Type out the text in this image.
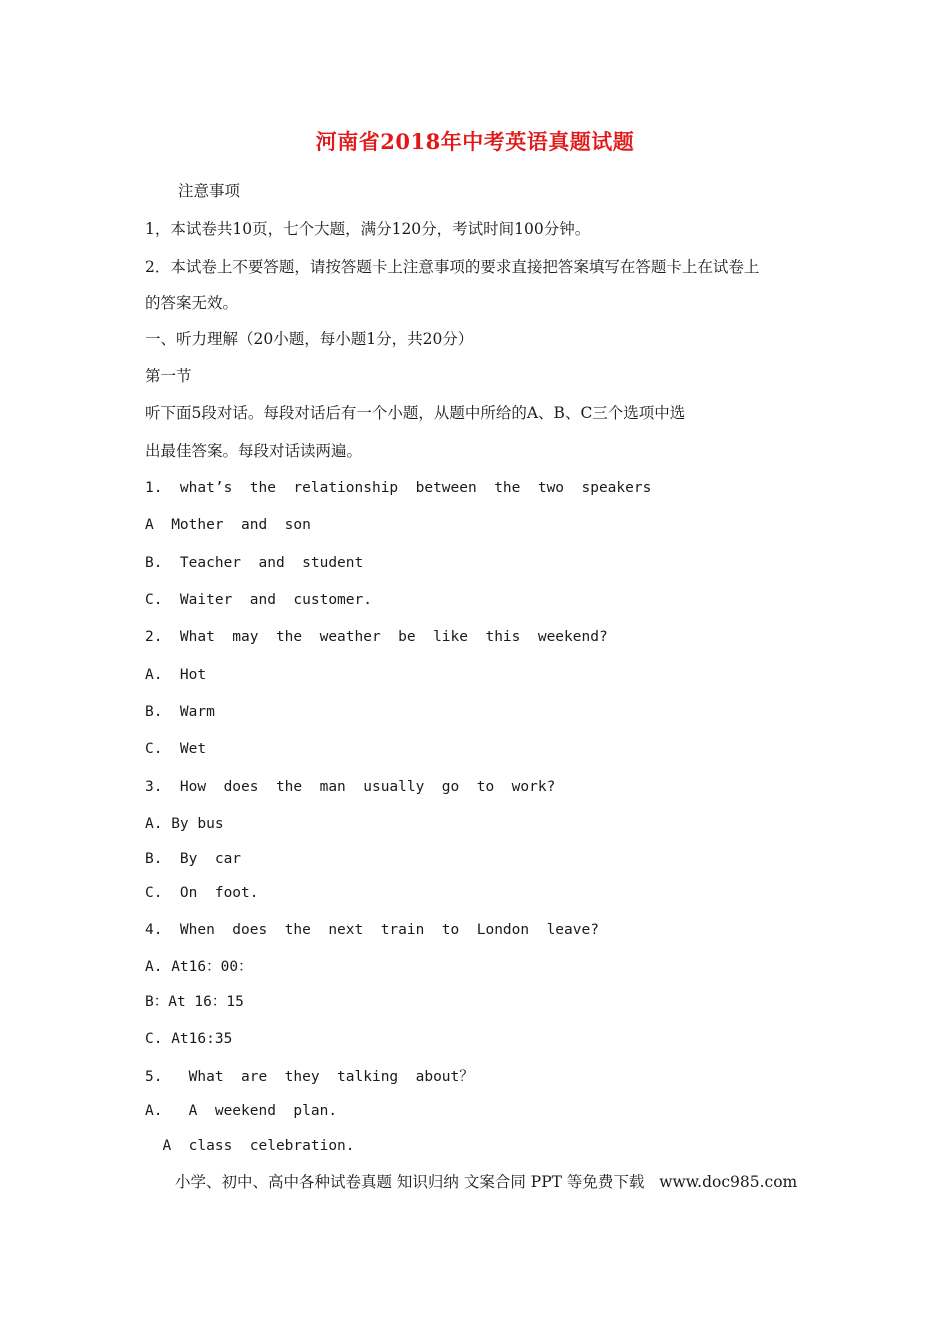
河南省2018年中考英语真题试题
注意事项
1，本试卷共10页，七个大题，满分120分，考试时间100分钟。
2．本试卷上不要答题，请按答题卡上注意事项的要求直接把答案填写在答题卡上在试卷上
的答案无效。
一、听力理解（20小题，每小题1分，共20分）
第一节
听下面5段对话。每段对话后有一个小题，从题中所给的A、B、C三个选项中选
出最佳答案。每段对话读两遍。
1.  what’s  the  relationship  between  the  two  speakers
A  Mother  and  son
B.  Teacher  and  student
C.  Waiter  and  customer.
2.  What  may  the  weather  be  like  this  weekend?
A.  Hot
B.  Warm
C.  Wet
3.  How  does  the  man  usually  go  to  work?
A. By bus
B.  By  car
C.  On  foot.
4.  When  does  the  next  train  to  London  leave?
A. At16：00：
B：At 16：15
C. At16:35
5.   What  are  they  talking  about？
A.   A  weekend  plan.
A  class  celebration.
小学、初中、高中各种试卷真题 知识归纳 文案合同 PPT 等免费下载   www.doc985.com
